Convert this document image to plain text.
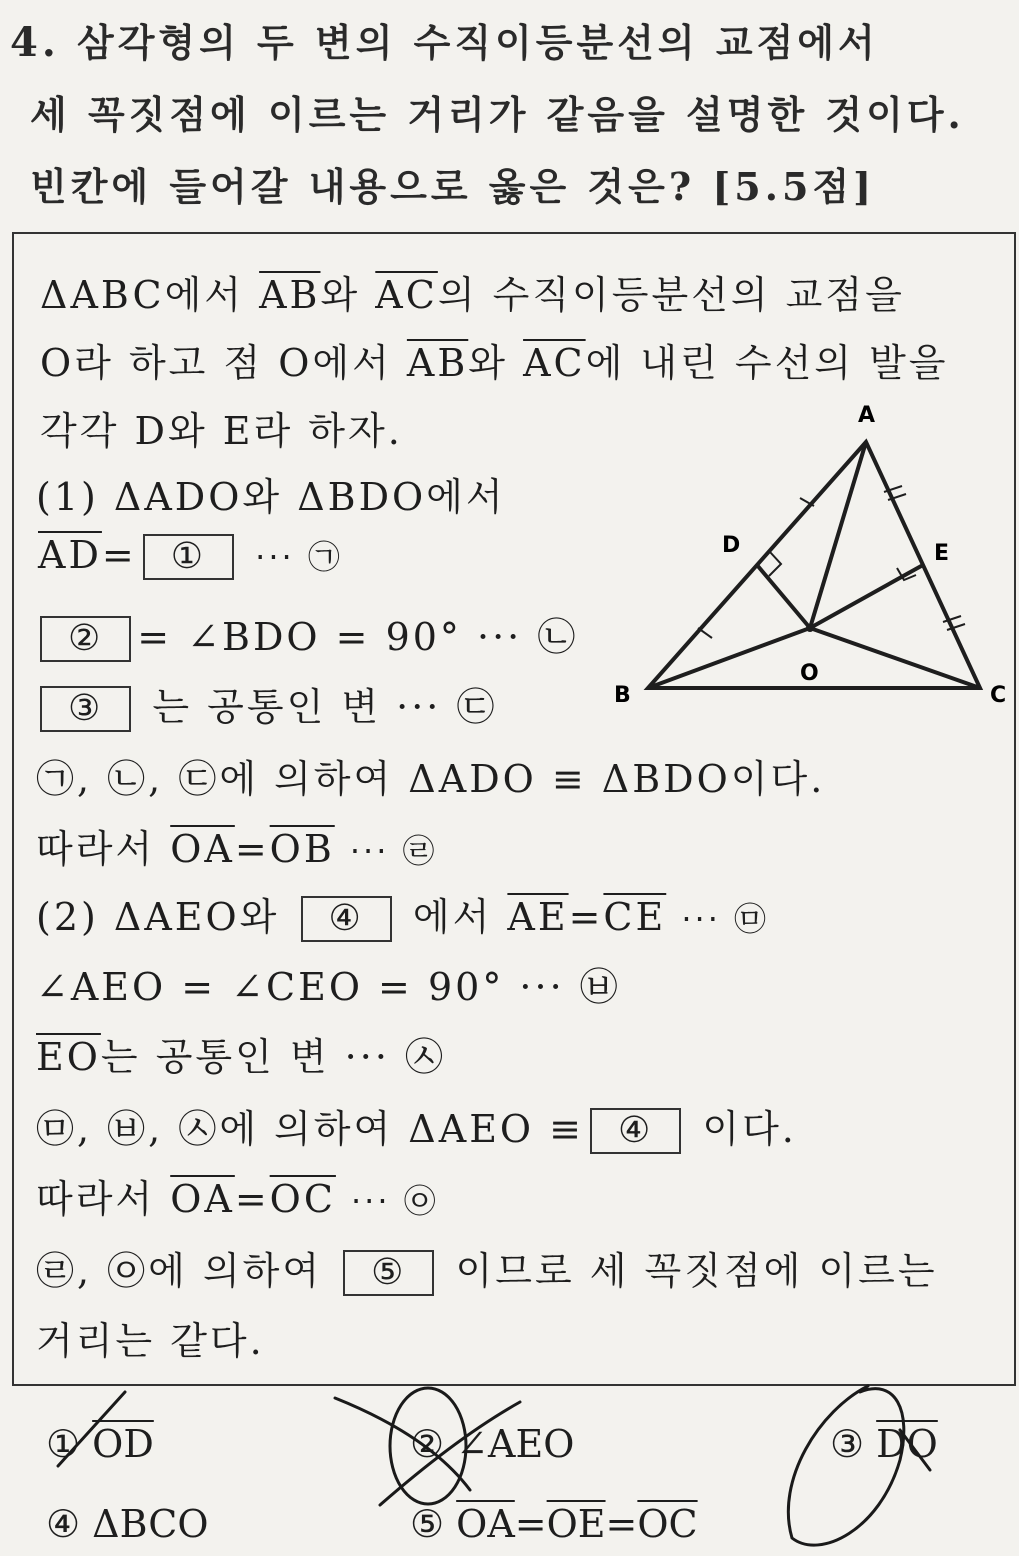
4. 삼각형의 두 변의 수직이등분선의 교점에서
세 꼭짓점에 이르는 거리가 같음을 설명한 것이다.
빈칸에 들어갈 내용으로 옳은 것은? [5.5점]
ΔABC에서 $\overline{AB}$와 $\overline{AC}$의 수직이등분선의 교점을
O라 하고 점 O에서 $\overline{AB}$와 $\overline{AC}$에 내린 수선의 발을
각각 D와 E라 하자.
(1) ΔADO와 ΔBDO에서
$\overline{AD}=$ ① ··· ㉠
② = ∠BDO = 90° ··· ㉡
③ 는 공통인 변 ··· ㉢
㉠, ㉡, ㉢에 의하여 ΔADO ≡ ΔBDO이다.
따라서 $\overline{OA}=\overline{OB}$ ··· ㉣
(2) ΔAEO와 ④ 에서 $\overline{AE}=\overline{CE}$ ··· ㉤
∠AEO = ∠CEO = 90° ··· ㉥
$\overline{EO}$는 공통인 변 ··· ㉦
㉤, ㉥, ㉦에 의하여 ΔAEO ≡ ④ 이다.
따라서 $\overline{OA}=\overline{OC}$ ··· ㉧
㉣, ㉧에 의하여 ⑤ 이므로 세 꼭짓점에 이르는
거리는 같다.
A
B	C
D	E
O
① $\overline{OD}$	② ∠AEO	③ $\overline{DO}$
④ ΔBCO	⑤ $\overline{OA}=\overline{OE}=\overline{OC}$
